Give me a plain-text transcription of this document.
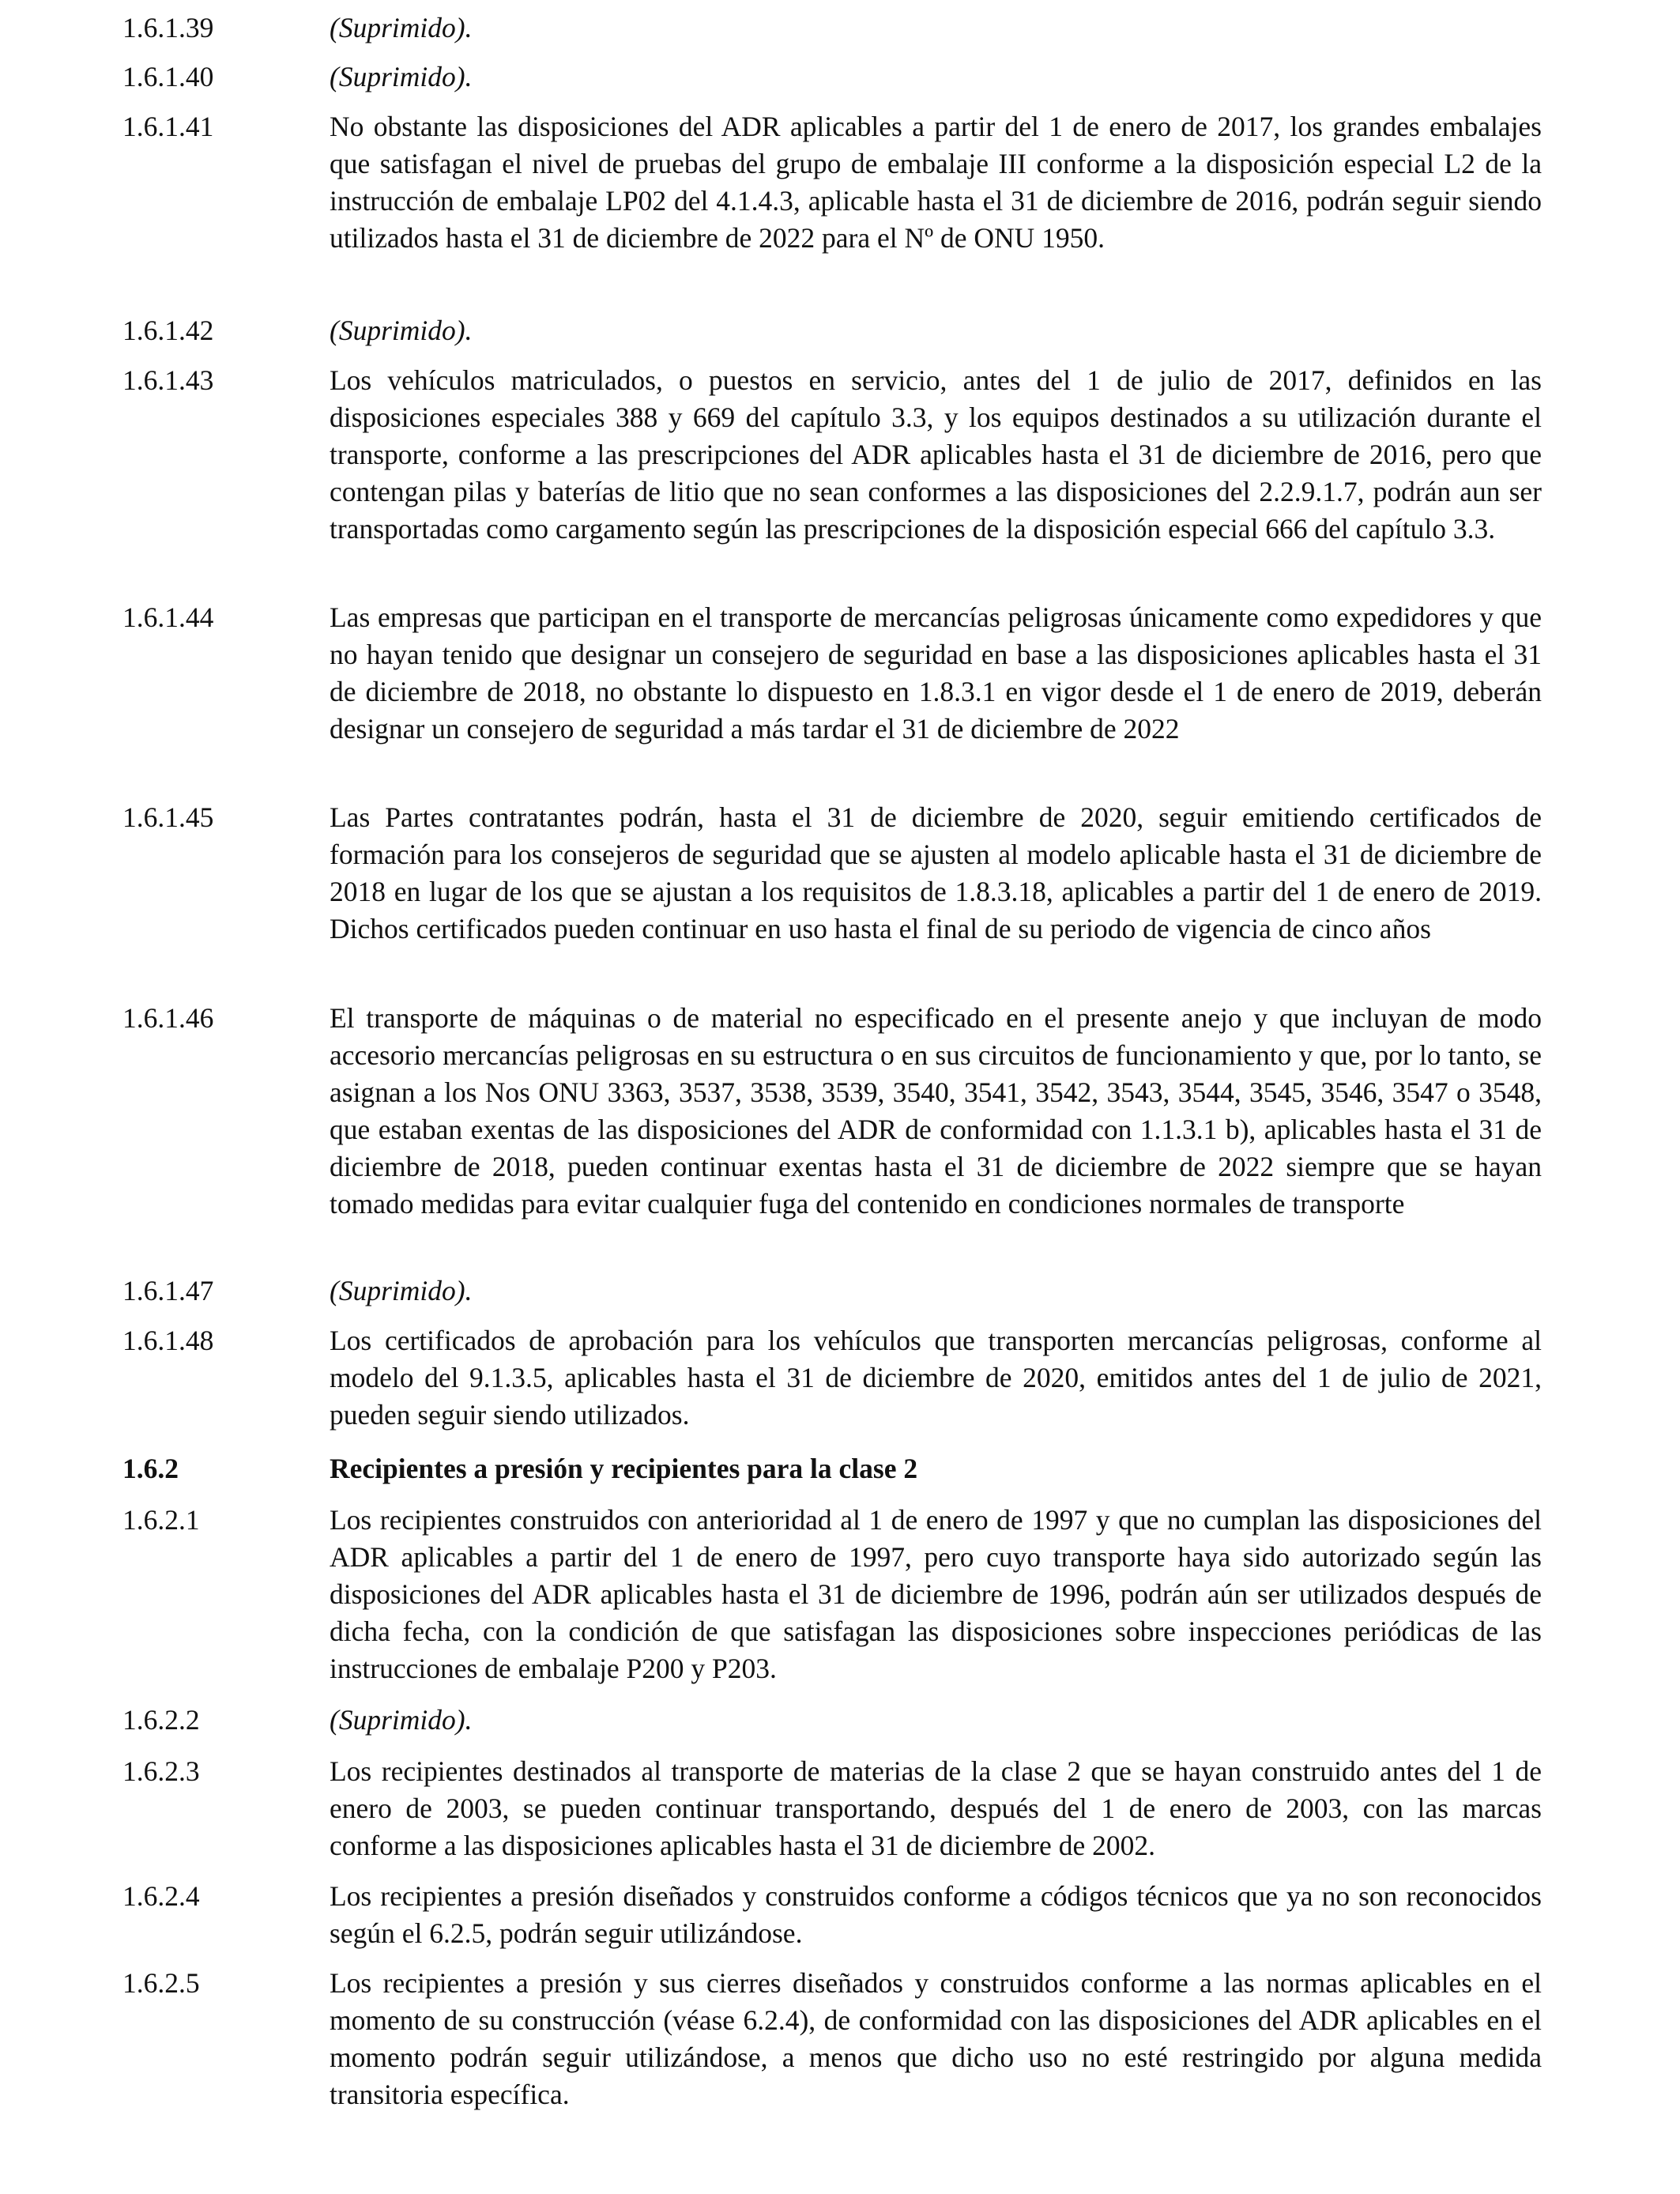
1.6.1.39	(Suprimido).
1.6.1.40	(Suprimido).
1.6.1.41	No obstante las disposiciones del ADR aplicables a partir del 1 de enero de 2017, los grandes embalajes que satisfagan el nivel de pruebas del grupo de embalaje III conforme a la disposición especial L2 de la instrucción de embalaje LP02 del 4.1.4.3, aplicable hasta el 31 de diciembre de 2016, podrán seguir siendo utilizados hasta el 31 de diciembre de 2022 para el Nº de ONU 1950.
1.6.1.42	(Suprimido).
1.6.1.43	Los vehículos matriculados, o puestos en servicio, antes del 1 de julio de 2017, definidos en las disposiciones especiales 388 y 669 del capítulo 3.3, y los equipos destinados a su utilización durante el transporte, conforme a las prescripciones del ADR aplicables hasta el 31 de diciembre de 2016, pero que contengan pilas y baterías de litio que no sean conformes a las disposiciones del 2.2.9.1.7, podrán aun ser transportadas como cargamento según las prescripciones de la disposición especial 666 del capítulo 3.3.
1.6.1.44	Las empresas que participan en el transporte de mercancías peligrosas únicamente como expedidores y que no hayan tenido que designar un consejero de seguridad en base a las disposiciones aplicables hasta el 31 de diciembre de 2018, no obstante lo dispuesto en 1.8.3.1 en vigor desde el 1 de enero de 2019, deberán designar un consejero de seguridad a más tardar el 31 de diciembre de 2022
1.6.1.45	Las Partes contratantes podrán, hasta el 31 de diciembre de 2020, seguir emitiendo certificados de formación para los consejeros de seguridad que se ajusten al modelo aplicable hasta el 31 de diciembre de 2018 en lugar de los que se ajustan a los requisitos de 1.8.3.18, aplicables a partir del 1 de enero de 2019. Dichos certificados pueden continuar en uso hasta el final de su periodo de vigencia de cinco años
1.6.1.46	El transporte de máquinas o de material no especificado en el presente anejo y que incluyan de modo accesorio mercancías peligrosas en su estructura o en sus circuitos de funcionamiento y que, por lo tanto, se asignan a los Nos ONU 3363, 3537, 3538, 3539, 3540, 3541, 3542, 3543, 3544, 3545, 3546, 3547 o 3548, que estaban exentas de las disposiciones del ADR de conformidad con 1.1.3.1 b), aplicables hasta el 31 de diciembre de 2018, pueden continuar exentas hasta el 31 de diciembre de 2022 siempre que se hayan tomado medidas para evitar cualquier fuga del contenido en condiciones normales de transporte
1.6.1.47	(Suprimido).
1.6.1.48	Los certificados de aprobación para los vehículos que transporten mercancías peligrosas, conforme al modelo del 9.1.3.5, aplicables hasta el 31 de diciembre de 2020, emitidos antes del 1 de julio de 2021, pueden seguir siendo utilizados.
1.6.2	Recipientes a presión y recipientes para la clase 2
1.6.2.1	Los recipientes construidos con anterioridad al 1 de enero de 1997 y que no cumplan las disposiciones del ADR aplicables a partir del 1 de enero de 1997, pero cuyo transporte haya sido autorizado según las disposiciones del ADR aplicables hasta el 31 de diciembre de 1996, podrán aún ser utilizados después de dicha fecha, con la condición de que satisfagan las disposiciones sobre inspecciones periódicas de las instrucciones de embalaje P200 y P203.
1.6.2.2	(Suprimido).
1.6.2.3	Los recipientes destinados al transporte de materias de la clase 2 que se hayan construido antes del 1 de enero de 2003, se pueden continuar transportando, después del 1 de enero de 2003, con las marcas conforme a las disposiciones aplicables hasta el 31 de diciembre de 2002.
1.6.2.4	Los recipientes a presión diseñados y construidos conforme a códigos técnicos que ya no son reconocidos según el 6.2.5, podrán seguir utilizándose.
1.6.2.5	Los recipientes a presión y sus cierres diseñados y construidos conforme a las normas aplicables en el momento de su construcción (véase 6.2.4), de conformidad con las disposiciones del ADR aplicables en el momento podrán seguir utilizándose, a menos que dicho uso no esté restringido por alguna medida transitoria específica.
